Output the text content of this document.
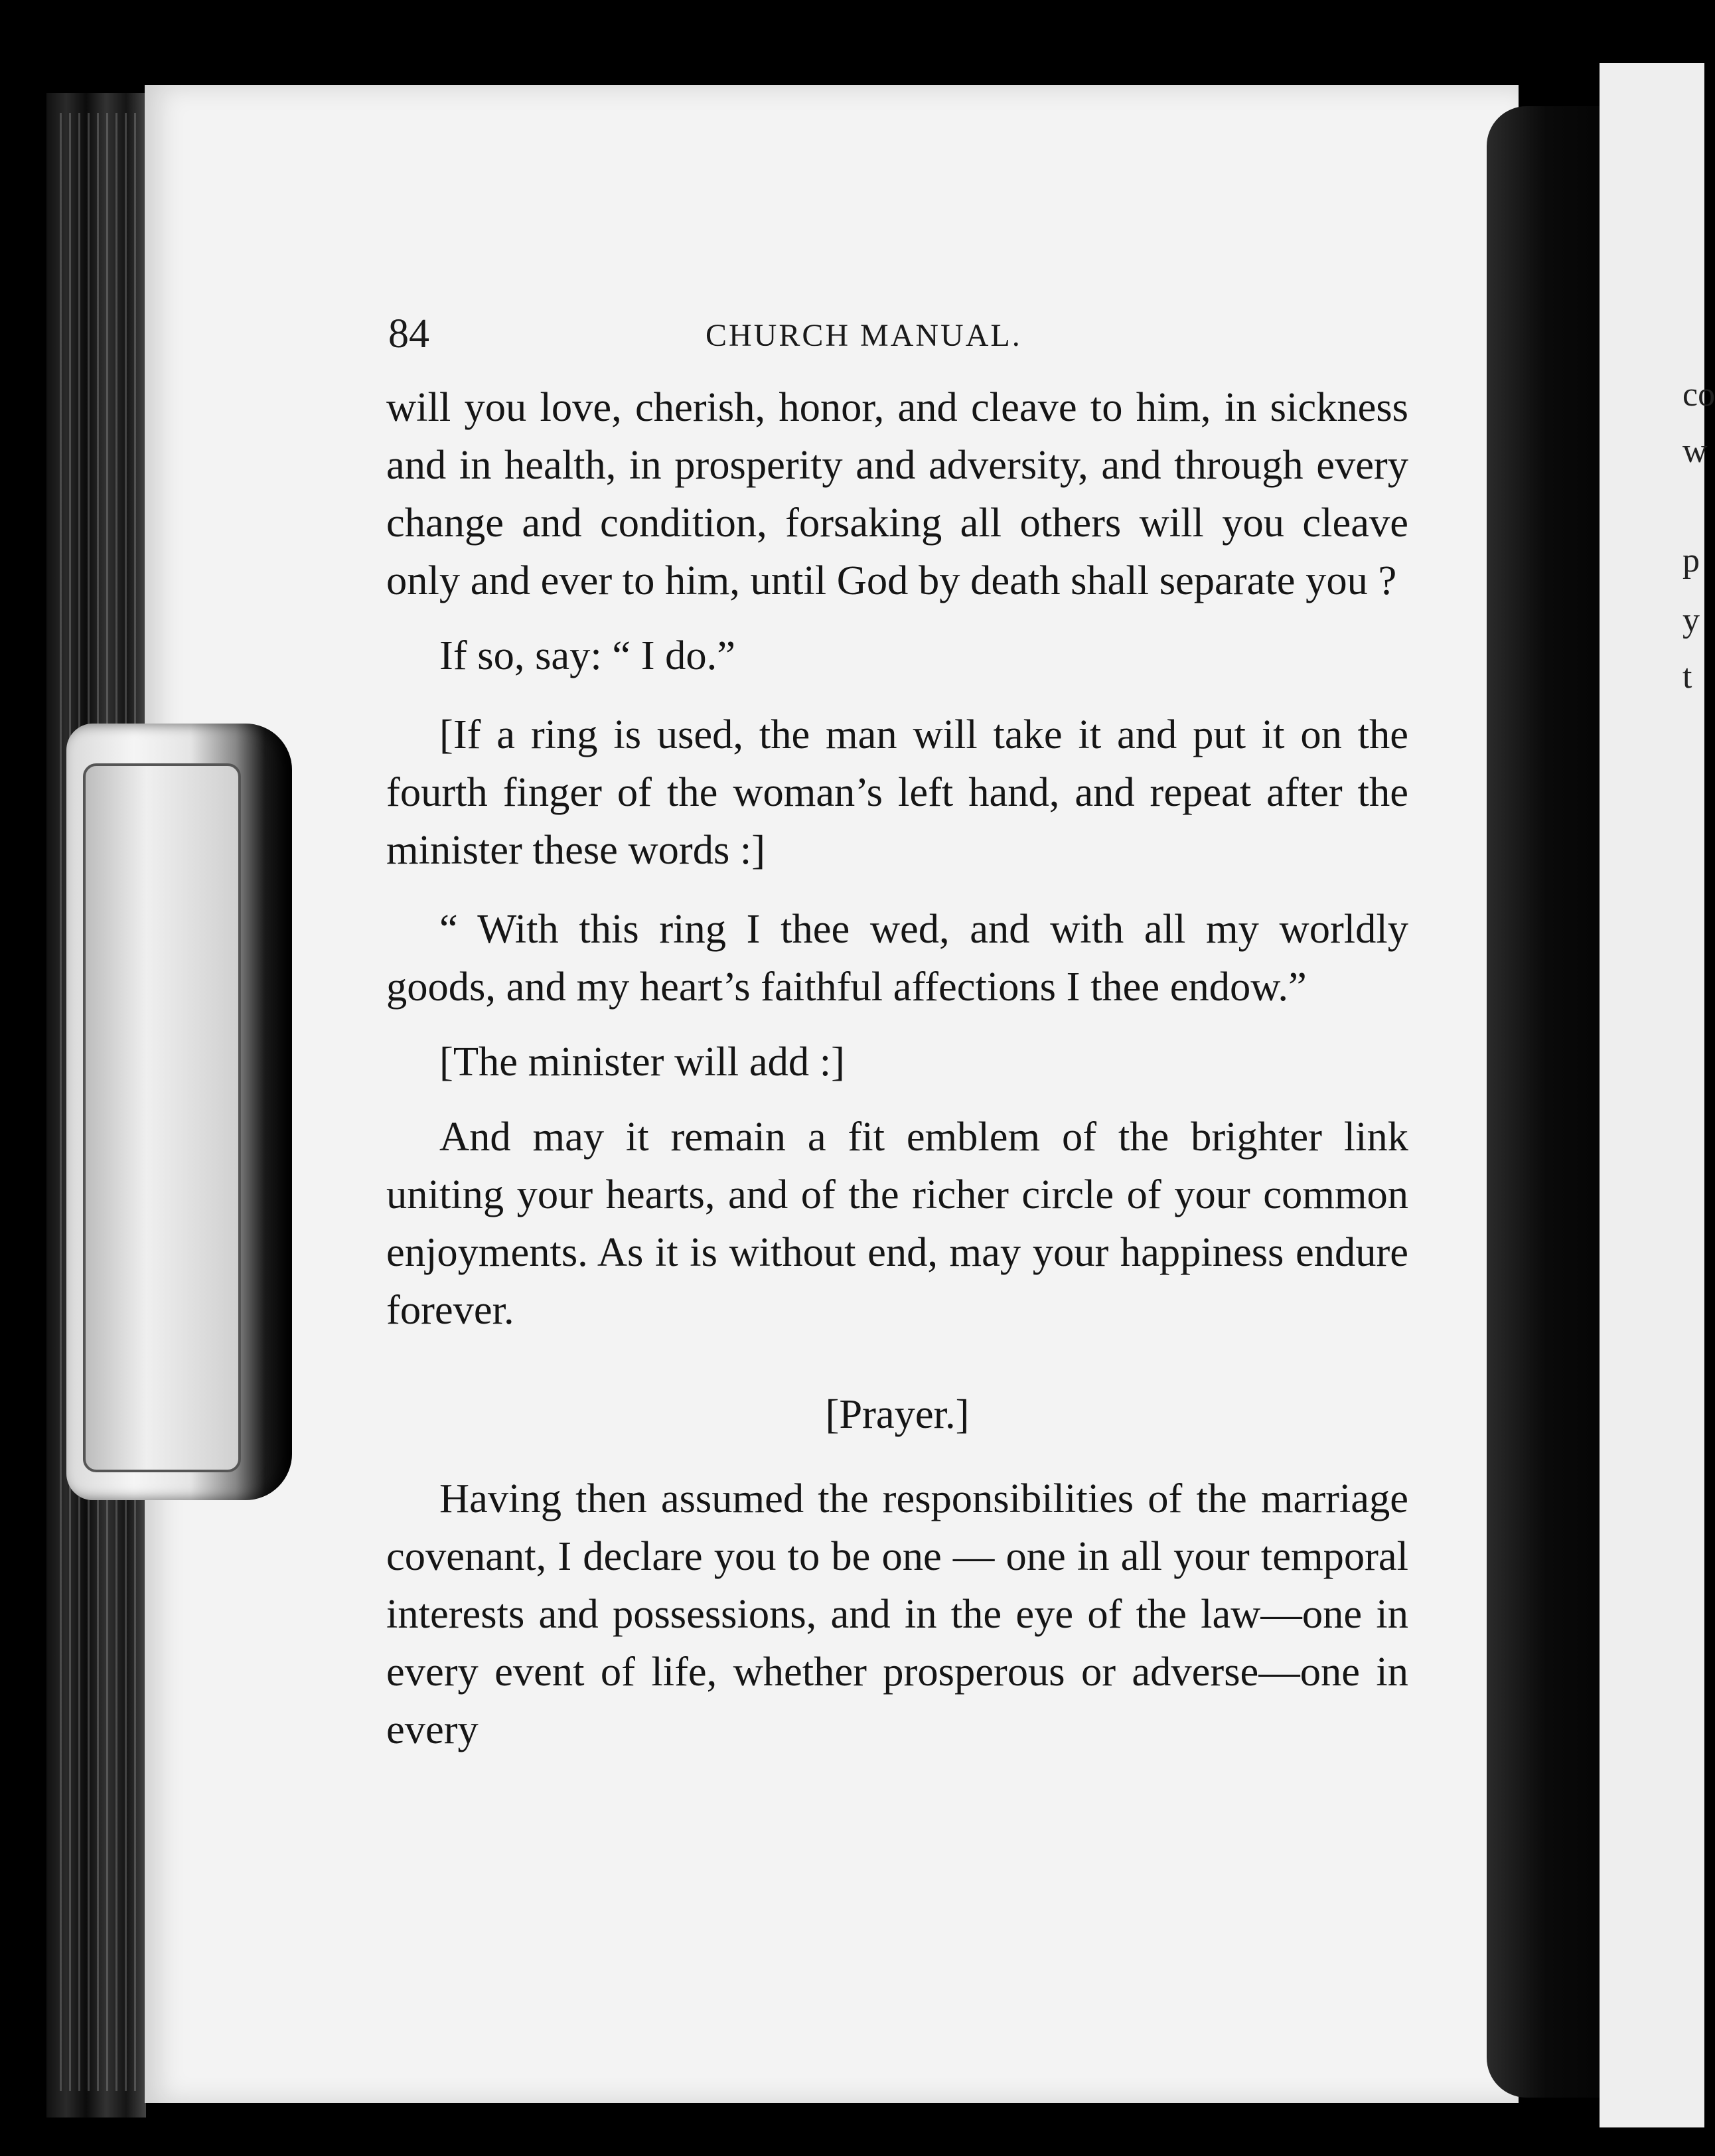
co
w
p
y
t
84	CHURCH MANUAL.

will you love, cherish, honor, and cleave to him, in sickness and in health, in prosperity and adversity, and through every change and condition, forsaking all others will you cleave only and ever to him, until God by death shall separate you ?

If so, say: “ I do.”

[If a ring is used, the man will take it and put it on the fourth finger of the woman’s left hand, and repeat after the minister these words :]

“ With this ring I thee wed, and with all my worldly goods, and my heart’s faithful affections I thee endow.”

[The minister will add :]

And may it remain a fit emblem of the brighter link uniting your hearts, and of the richer circle of your common enjoyments. As it is without end, may your happiness endure forever.

[Prayer.]

Having then assumed the responsibilities of the marriage covenant, I declare you to be one — one in all your temporal interests and possessions, and in the eye of the law—one in every event of life, whether prosperous or adverse—one in every
